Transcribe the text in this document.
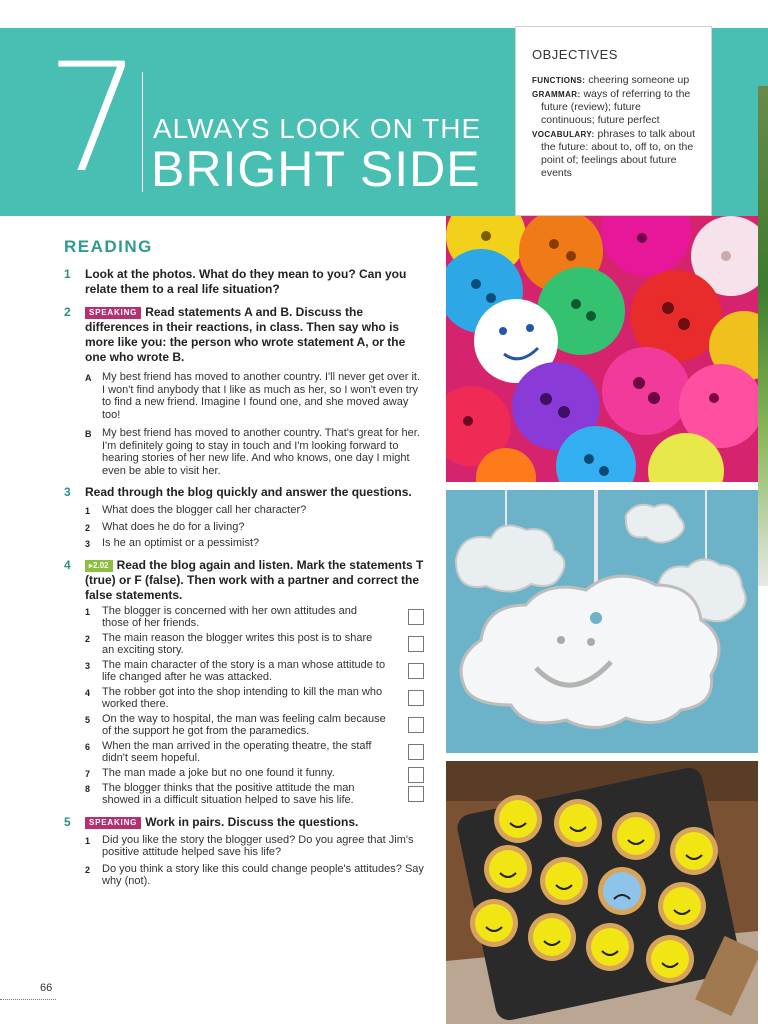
7 ALWAYS LOOK ON THE
BRIGHT SIDE
OBJECTIVES
FUNCTIONS: cheering someone up
GRAMMAR: ways of referring to the future (review); future continuous; future perfect
VOCABULARY: phrases to talk about the future: about to, off to, on the point of; feelings about future events
READING
1 Look at the photos. What do they mean to you? Can you relate them to a real life situation?
2	SPEAKING Read statements A and B. Discuss the differences in their reactions, in class. Then say who is more like you: the person who wrote statement A, or the one who wrote B.
A My best friend has moved to another country. I'll never get over it. I won't find anybody that I like as much as her, so I won't even try to find a new friend. Imagine I found one, and she moved away too!
B My best friend has moved to another country. That's great for her. I'm definitely going to stay in touch and I'm looking forward to hearing stories of her new life. And who knows, one day I might even be able to visit her.
3 Read through the blog quickly and answer the questions.
1 What does the blogger call her character?
2 What does he do for a living?
3 Is he an optimist or a pessimist?
4	▸2.02 Read the blog again and listen. Mark the statements T (true) or F (false). Then work with a partner and correct the false statements.
1 The blogger is concerned with her own attitudes and those of her friends.
2 The main reason the blogger writes this post is to share an exciting story.
3 The main character of the story is a man whose attitude to life changed after he was attacked.
4 The robber got into the shop intending to kill the man who worked there.
5 On the way to hospital, the man was feeling calm because of the support he got from the paramedics.
6 When the man arrived in the operating theatre, the staff didn't seem hopeful.
7 The man made a joke but no one found it funny.
8 The blogger thinks that the positive attitude the man showed in a difficult situation helped to save his life.
5	SPEAKING Work in pairs. Discuss the questions.
1 Did you like the story the blogger used? Do you agree that Jim's positive attitude helped save his life?
2 Do you think a story like this could change people's attitudes? Say why (not).
66
